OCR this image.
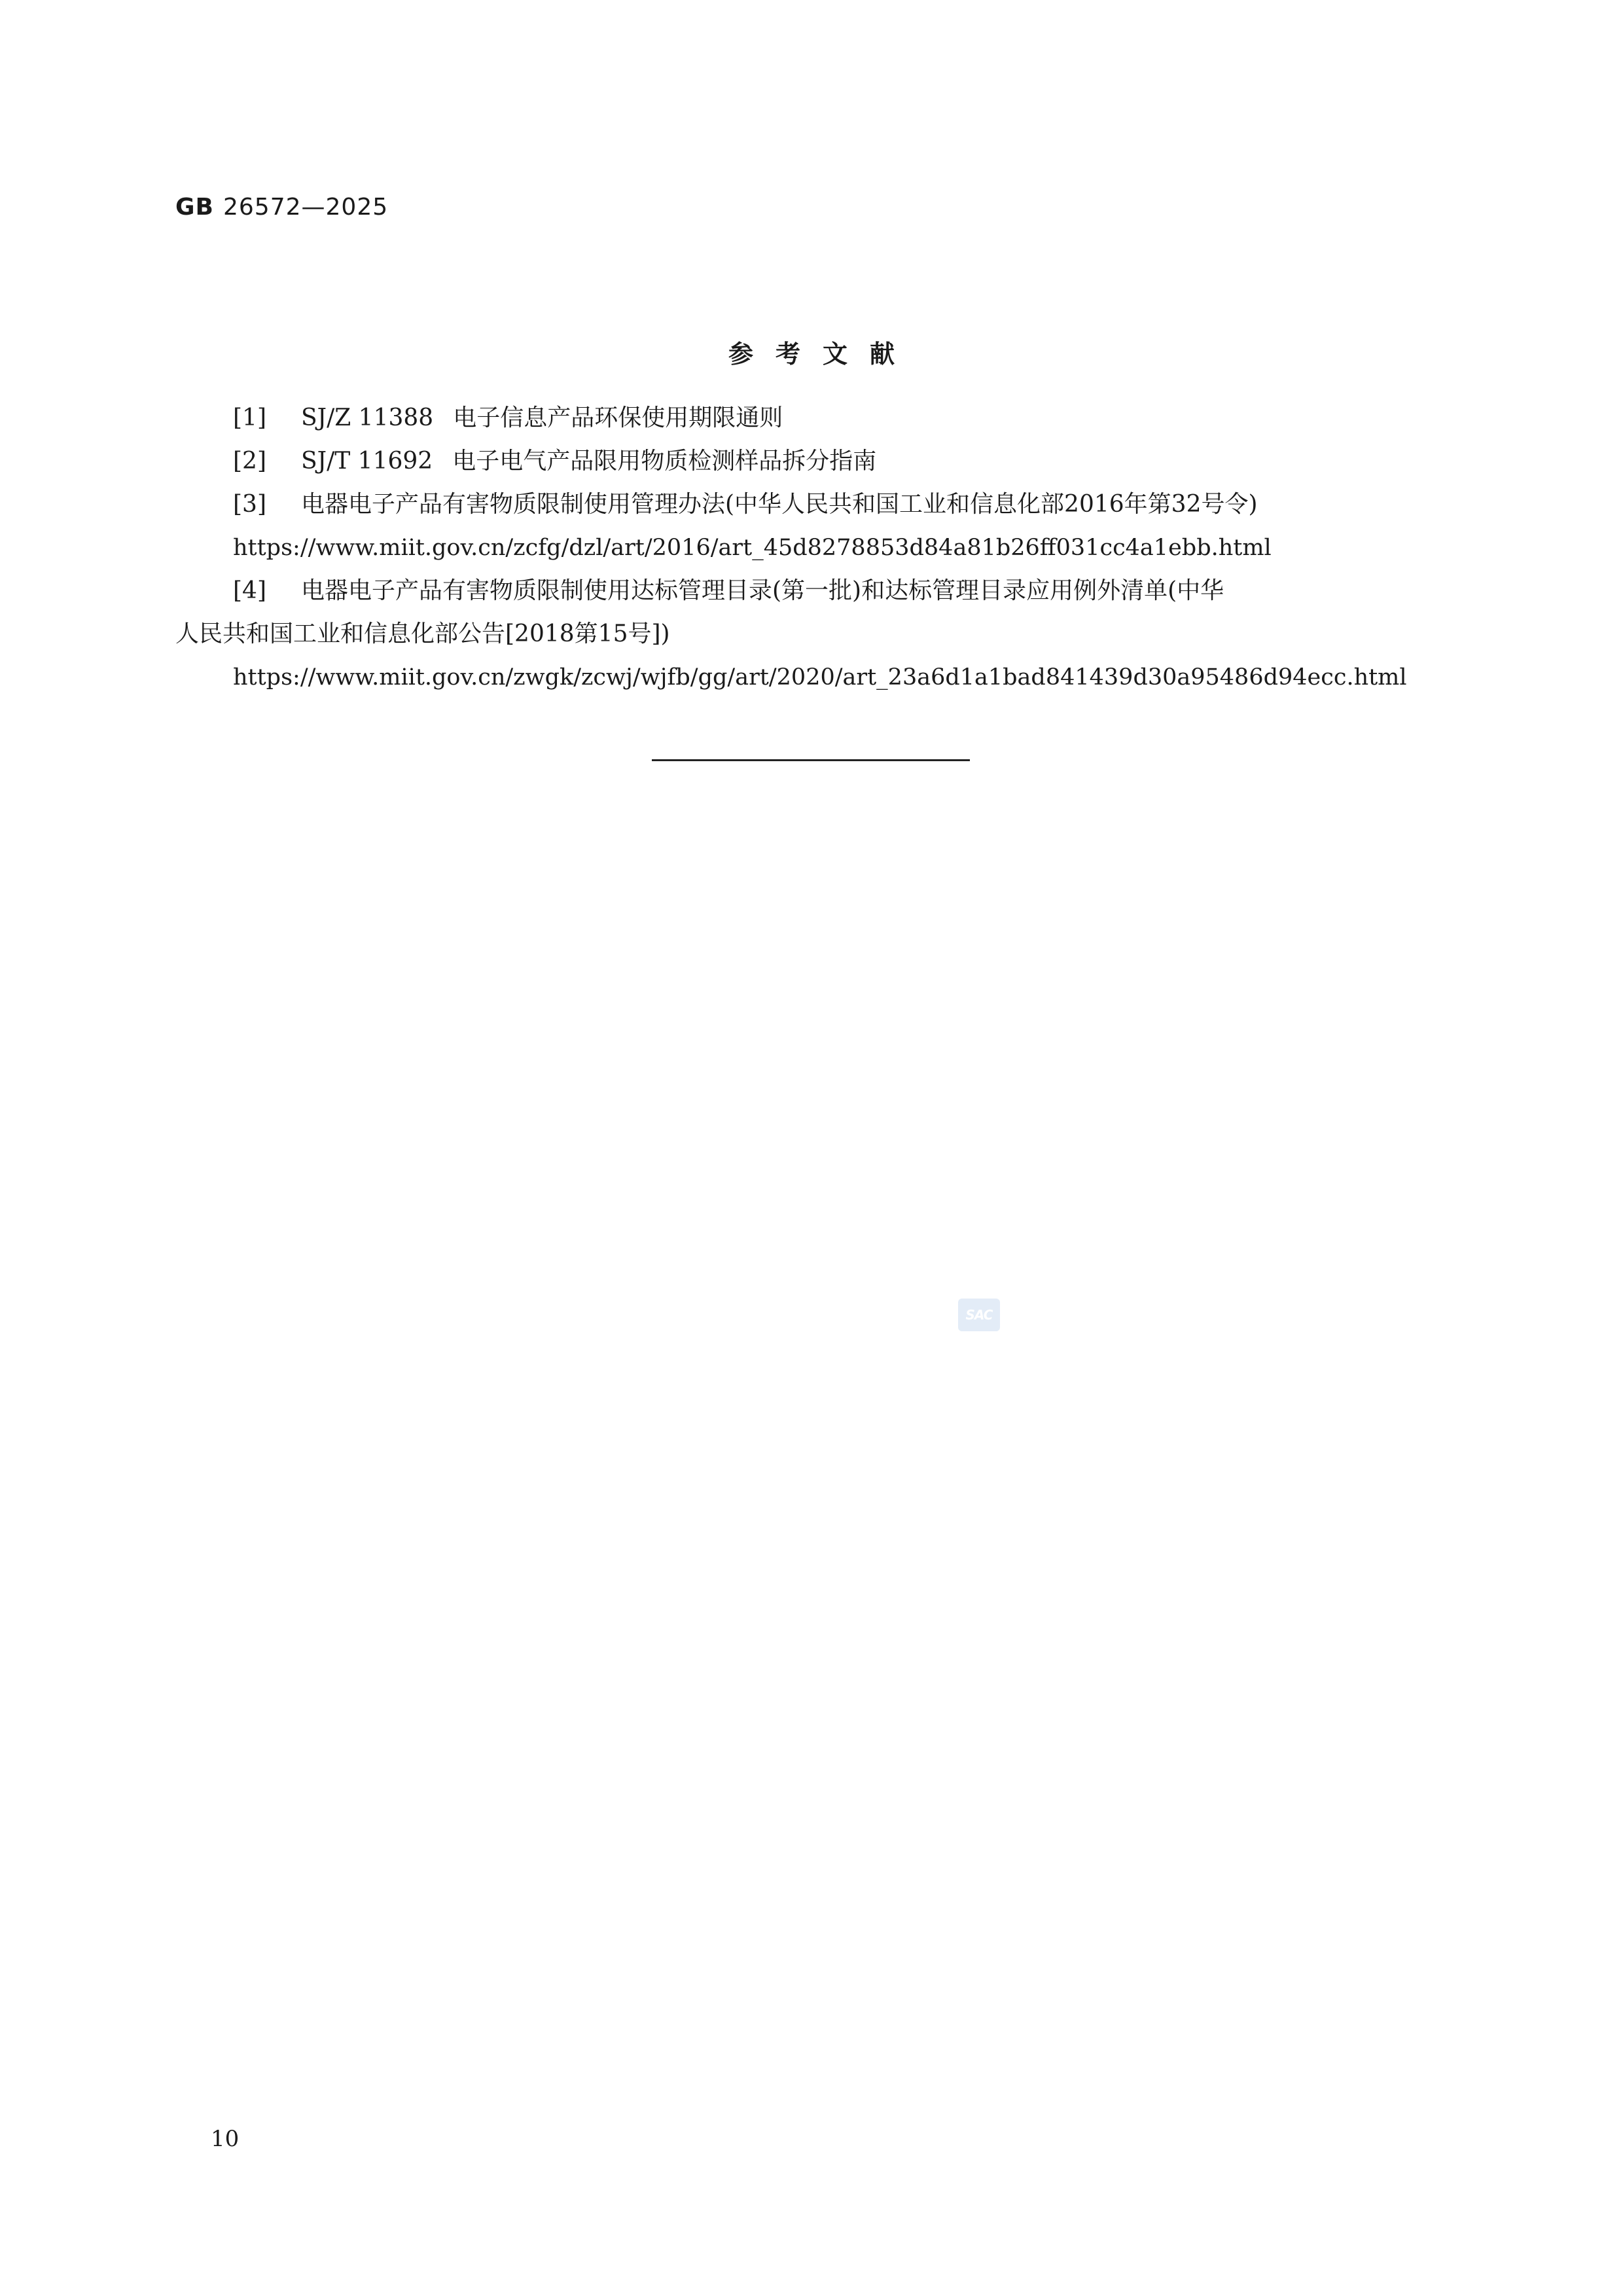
GB 26572—2025
参考文献
[1] SJ/Z 11388 电子信息产品环保使用期限通则
[2] SJ/T 11692 电子电气产品限用物质检测样品拆分指南
[3] 电器电子产品有害物质限制使用管理办法(中华人民共和国工业和信息化部2016年第32号令)
https://www.miit.gov.cn/zcfg/dzl/art/2016/art_45d8278853d84a81b26ff031cc4a1ebb.html
[4] 电器电子产品有害物质限制使用达标管理目录(第一批)和达标管理目录应用例外清单(中华
人民共和国工业和信息化部公告[2018第15号])
https://www.miit.gov.cn/zwgk/zcwj/wjfb/gg/art/2020/art_23a6d1a1bad841439d30a95486d94ecc.html
SAC
10
